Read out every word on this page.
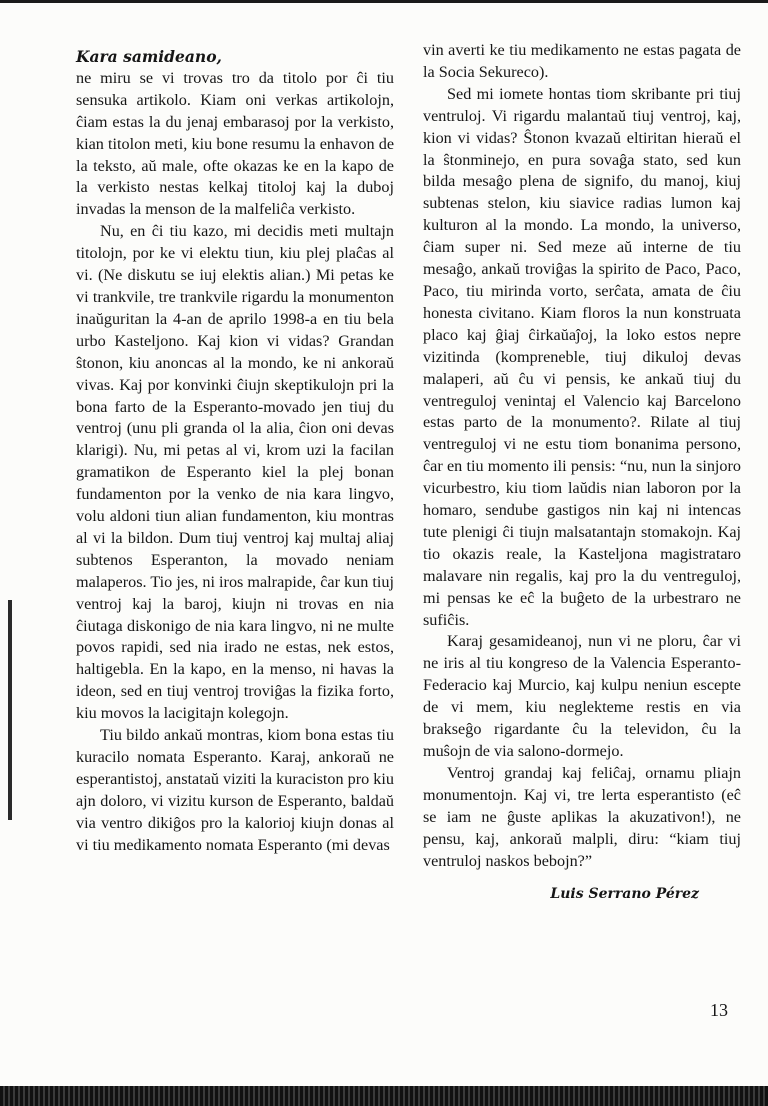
Kara samideano,

ne miru se vi trovas tro da titolo por ĉi tiu sensuka artikolo. Kiam oni verkas artikolojn, ĉiam estas la du jenaj embarasoj por la verkisto, kian titolon meti, kiu bone resumu la enhavon de la teksto, aŭ male, ofte okazas ke en la kapo de la verkisto nestas kelkaj titoloj kaj la duboj invadas la menson de la malfeliĉa verkisto.

Nu, en ĉi tiu kazo, mi decidis meti multajn titolojn, por ke vi elektu tiun, kiu plej plaĉas al vi. (Ne diskutu se iuj elektis alian.) Mi petas ke vi trankvile, tre trankvile rigardu la monumenton inaŭguritan la 4-an de aprilo 1998-a en tiu bela urbo Kasteljono. Kaj kion vi vidas? Grandan ŝtonon, kiu anoncas al la mondo, ke ni ankoraŭ vivas. Kaj por konvinki ĉiujn skeptikulojn pri la bona farto de la Esperanto-movado jen tiuj du ventroj (unu pli granda ol la alia, ĉion oni devas klarigi). Nu, mi petas al vi, krom uzi la facilan gramatikon de Esperanto kiel la plej bonan fundamenton por la venko de nia kara lingvo, volu aldoni tiun alian fundamenton, kiu montras al vi la bildon. Dum tiuj ventroj kaj multaj aliaj subtenos Esperanton, la movado neniam malaperos. Tio jes, ni iros malrapide, ĉar kun tiuj ventroj kaj la baroj, kiujn ni trovas en nia ĉiutaga diskonigo de nia kara lingvo, ni ne multe povos rapidi, sed nia irado ne estas, nek estos, haltigebla. En la kapo, en la menso, ni havas la ideon, sed en tiuj ventroj troviĝas la fizika forto, kiu movos la lacigitajn kolegojn.

Tiu bildo ankaŭ montras, kiom bona estas tiu kuracilo nomata Esperanto. Karaj, ankoraŭ ne esperantistoj, anstataŭ viziti la kuraciston pro kiu ajn doloro, vi vizitu kurson de Esperanto, baldaŭ via ventro dikiĝos pro la kalorioj kiujn donas al vi tiu medikamento nomata Esperanto (mi devas

vin averti ke tiu medikamento ne estas pagata de la Socia Sekureco).

Sed mi iomete hontas tiom skribante pri tiuj ventruloj. Vi rigardu malantaŭ tiuj ventroj, kaj, kion vi vidas? Ŝtonon kvazaŭ eltiritan hieraŭ el la ŝtonminejo, en pura sovaĝa stato, sed kun bilda mesaĝo plena de signifo, du manoj, kiuj subtenas stelon, kiu siavice radias lumon kaj kulturon al la mondo. La mondo, la universo, ĉiam super ni. Sed meze aŭ interne de tiu mesaĝo, ankaŭ troviĝas la spirito de Paco, Paco, Paco, tiu mirinda vorto, serĉata, amata de ĉiu honesta civitano. Kiam floros la nun konstruata placo kaj ĝiaj ĉirkaŭaĵoj, la loko estos nepre vizitinda (kompreneble, tiuj dikuloj devas malaperi, aŭ ĉu vi pensis, ke ankaŭ tiuj du ventreguloj venintaj el Valencio kaj Barcelono estas parto de la monumento?. Rilate al tiuj ventreguloj vi ne estu tiom bonanima persono, ĉar en tiu momento ili pensis: “nu, nun la sinjoro vicurbestro, kiu tiom laŭdis nian laboron por la homaro, sendube gastigos nin kaj ni intencas tute plenigi ĉi tiujn malsatantajn stomakojn. Kaj tio okazis reale, la Kasteljona magistrataro malavare nin regalis, kaj pro la du ventreguloj, mi pensas ke eĉ la buĝeto de la urbestraro ne sufiĉis.

Karaj gesamideanoj, nun vi ne ploru, ĉar vi ne iris al tiu kongreso de la Valencia Esperanto-Federacio kaj Murcio, kaj kulpu neniun escepte de vi mem, kiu neglekteme restis en via brakseĝo rigardante ĉu la televidon, ĉu la muŝojn de via salono-dormejo.

Ventroj grandaj kaj feliĉaj, ornamu pliajn monumentojn. Kaj vi, tre lerta esperantisto (eĉ se iam ne ĝuste aplikas la akuzativon!), ne pensu, kaj, ankoraŭ malpli, diru: “kiam tiuj ventruloj naskos bebojn?”

Luis Serrano Pérez
13
